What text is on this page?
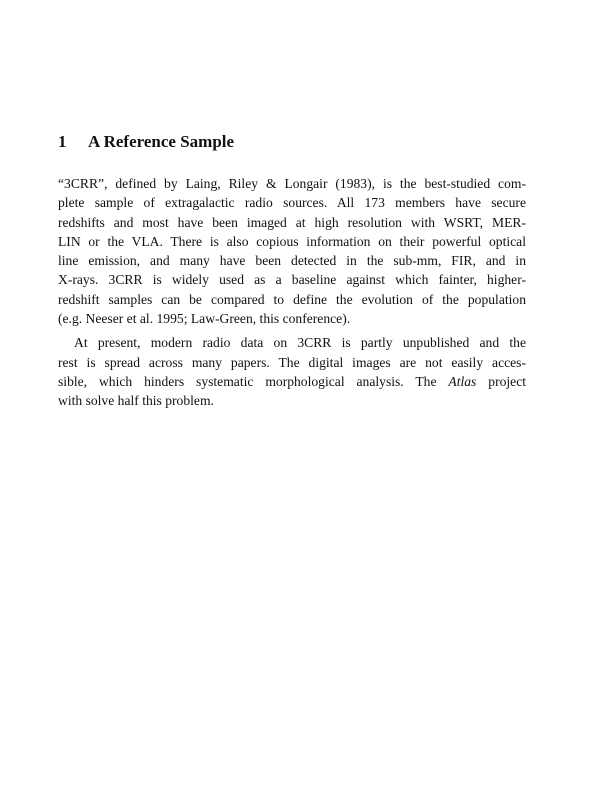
1 A Reference Sample

“3CRR”, defined by Laing, Riley & Longair (1983), is the best-studied com-
plete sample of extragalactic radio sources. All 173 members have secure
redshifts and most have been imaged at high resolution with WSRT, MER-
LIN or the VLA. There is also copious information on their powerful optical
line emission, and many have been detected in the sub-mm, FIR, and in
X-rays. 3CRR is widely used as a baseline against which fainter, higher-
redshift samples can be compared to define the evolution of the population
(e.g. Neeser et al. 1995; Law-Green, this conference).

At present, modern radio data on 3CRR is partly unpublished and the
rest is spread across many papers. The digital images are not easily acces-
sible, which hinders systematic morphological analysis. The Atlas project
with solve half this problem.
